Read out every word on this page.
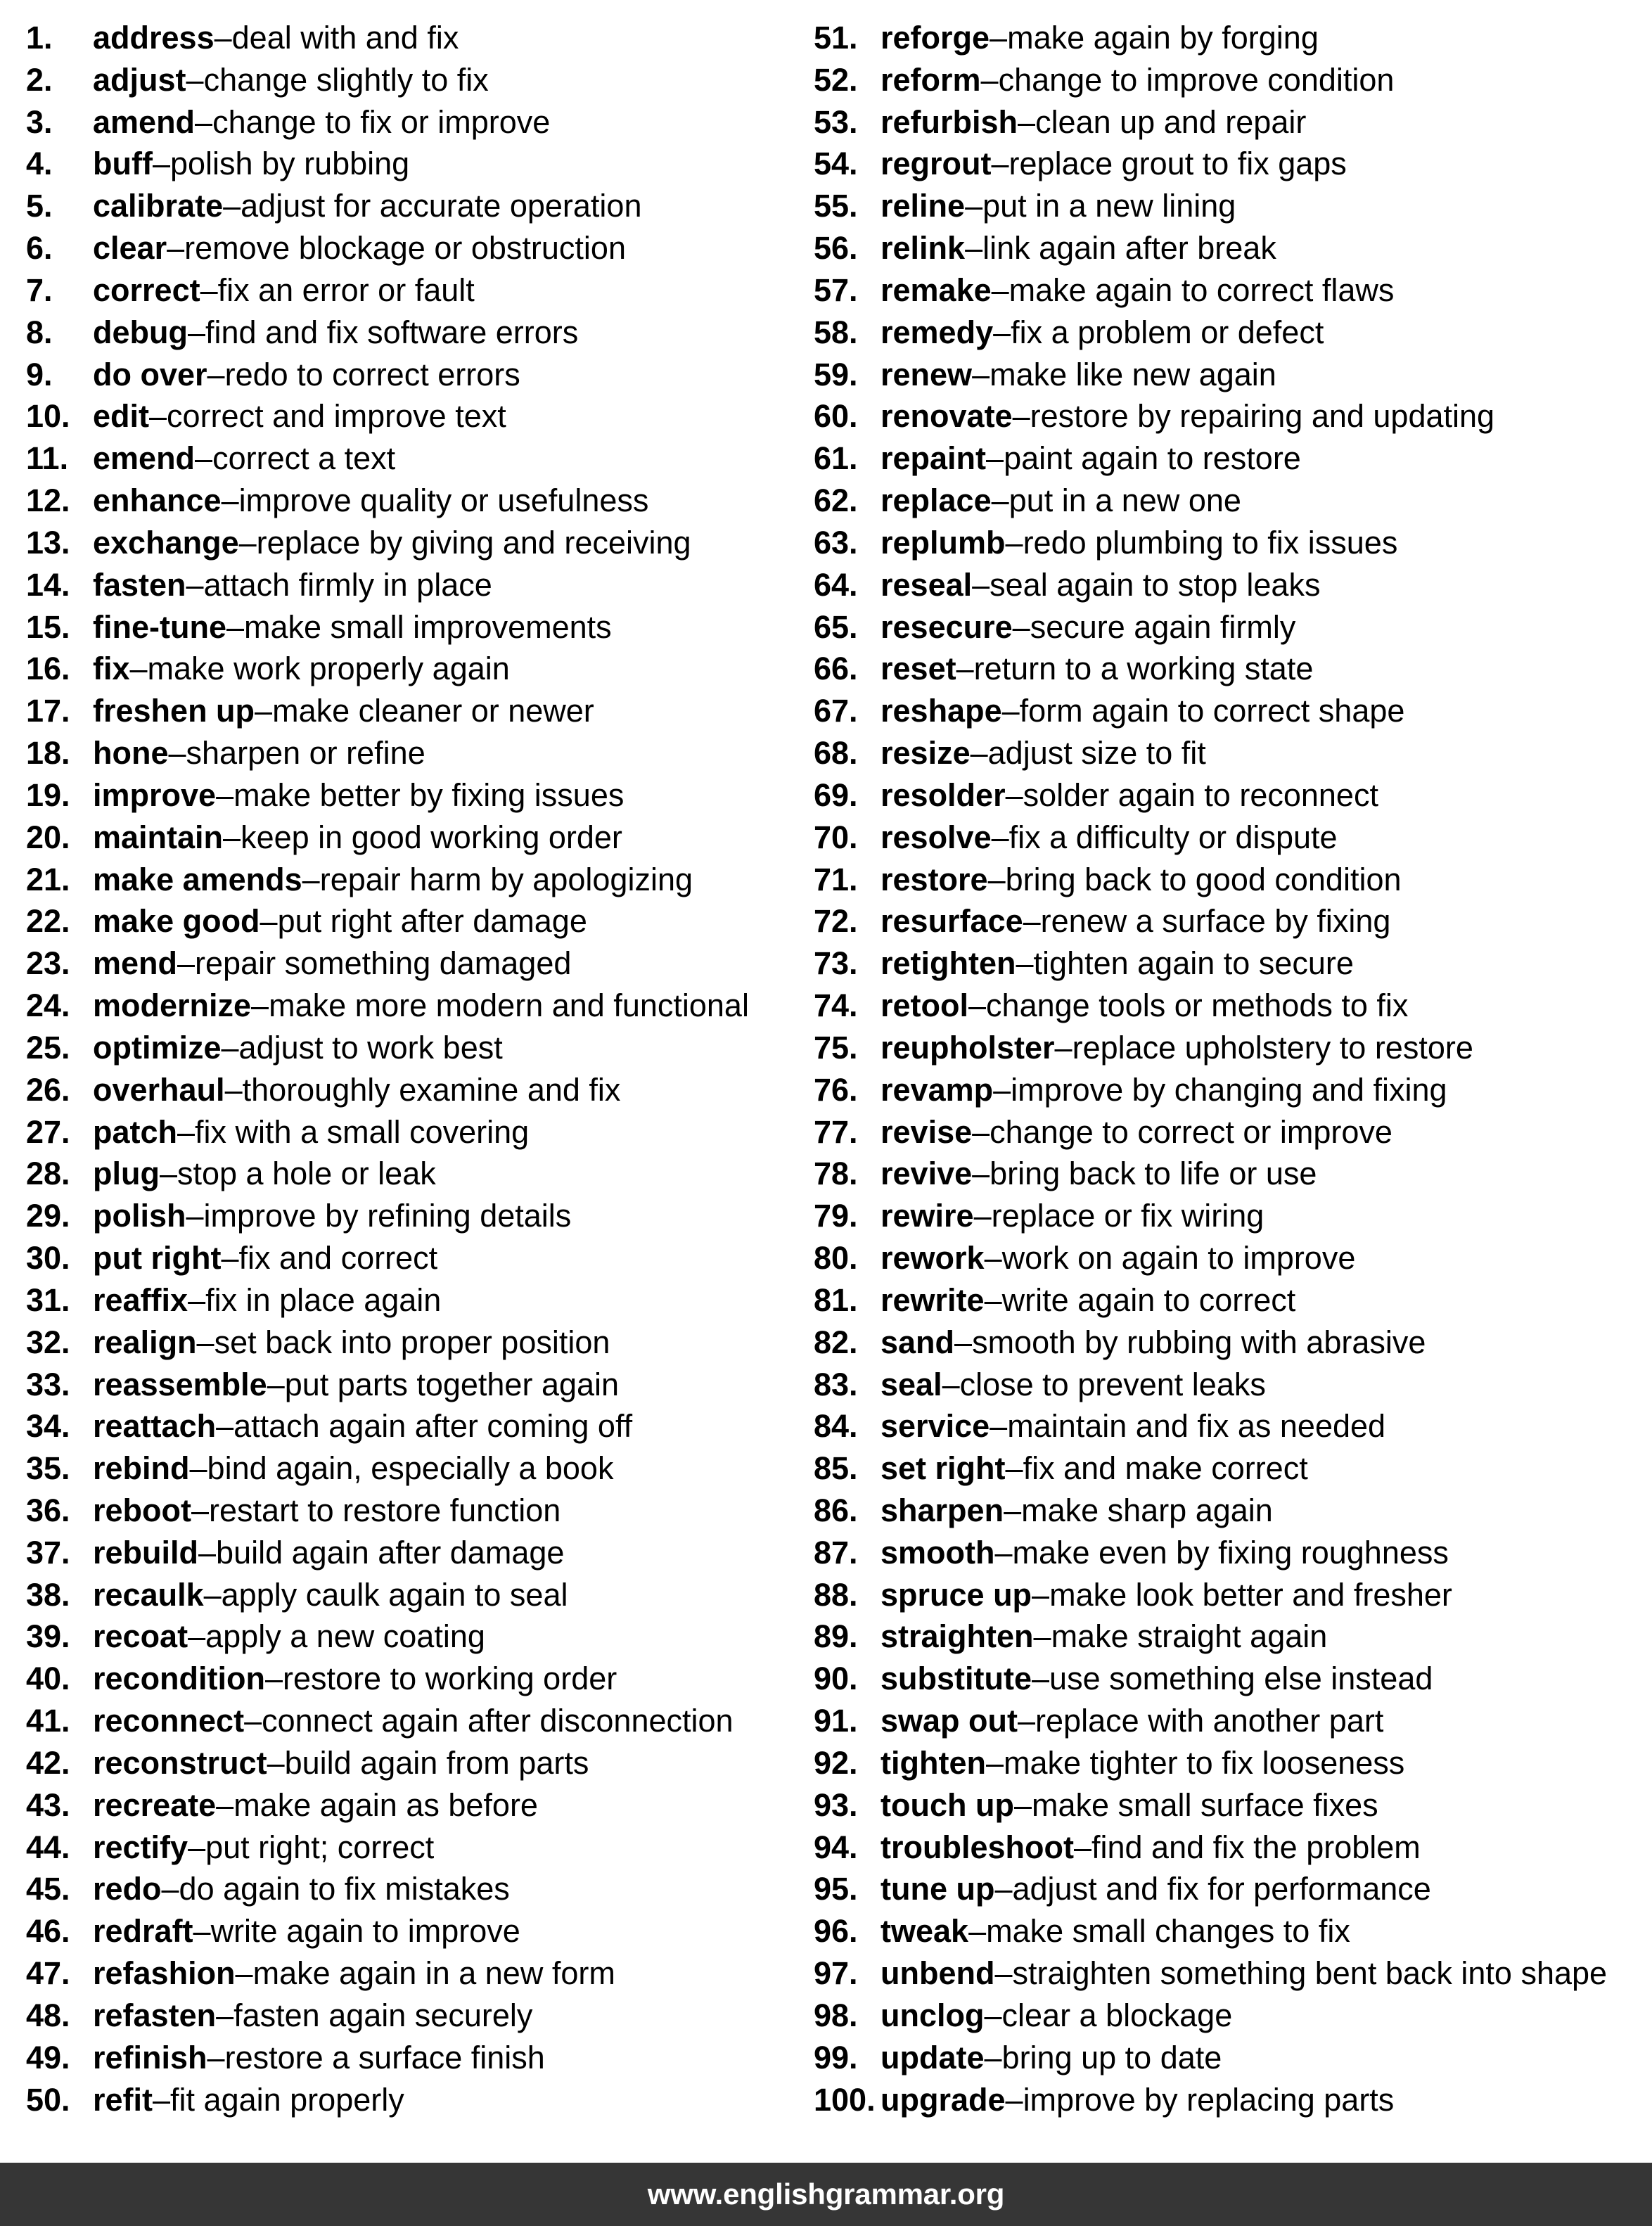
1.	address – deal with and fix
2.	adjust – change slightly to fix
3.	amend – change to fix or improve
4.	buff – polish by rubbing
5.	calibrate – adjust for accurate operation
6.	clear – remove blockage or obstruction
7.	correct – fix an error or fault
8.	debug – find and fix software errors
9.	do over – redo to correct errors
10. edit – correct and improve text
11. emend – correct a text
12. enhance – improve quality or usefulness
13. exchange – replace by giving and receiving
14. fasten – attach firmly in place
15. fine-tune – make small improvements
16. fix – make work properly again
17. freshen up – make cleaner or newer
18. hone – sharpen or refine
19. improve – make better by fixing issues
20. maintain – keep in good working order
21. make amends – repair harm by apologizing
22. make good – put right after damage
23. mend – repair something damaged
24. modernize – make more modern and functional
25. optimize – adjust to work best
26. overhaul – thoroughly examine and fix
27. patch – fix with a small covering
28. plug – stop a hole or leak
29. polish – improve by refining details
30. put right – fix and correct
31. reaffix – fix in place again
32. realign – set back into proper position
33. reassemble – put parts together again
34. reattach – attach again after coming off
35. rebind – bind again, especially a book
36. reboot – restart to restore function
37. rebuild – build again after damage
38. recaulk – apply caulk again to seal
39. recoat – apply a new coating
40. recondition – restore to working order
41. reconnect – connect again after disconnection
42. reconstruct – build again from parts
43. recreate – make again as before
44. rectify – put right; correct
45. redo – do again to fix mistakes
46. redraft – write again to improve
47. refashion – make again in a new form
48. refasten – fasten again securely
49. refinish – restore a surface finish
50. refit – fit again properly
51. reforge – make again by forging
52. reform – change to improve condition
53. refurbish – clean up and repair
54. regrout – replace grout to fix gaps
55. reline – put in a new lining
56. relink – link again after break
57. remake – make again to correct flaws
58. remedy – fix a problem or defect
59. renew – make like new again
60. renovate – restore by repairing and updating
61. repaint – paint again to restore
62. replace – put in a new one
63. replumb – redo plumbing to fix issues
64. reseal – seal again to stop leaks
65. resecure – secure again firmly
66. reset – return to a working state
67. reshape – form again to correct shape
68. resize – adjust size to fit
69. resolder – solder again to reconnect
70. resolve – fix a difficulty or dispute
71. restore – bring back to good condition
72. resurface – renew a surface by fixing
73. retighten – tighten again to secure
74. retool – change tools or methods to fix
75. reupholster – replace upholstery to restore
76. revamp – improve by changing and fixing
77. revise – change to correct or improve
78. revive – bring back to life or use
79. rewire – replace or fix wiring
80. rework – work on again to improve
81. rewrite – write again to correct
82. sand – smooth by rubbing with abrasive
83. seal – close to prevent leaks
84. service – maintain and fix as needed
85. set right – fix and make correct
86. sharpen – make sharp again
87. smooth – make even by fixing roughness
88. spruce up – make look better and fresher
89. straighten – make straight again
90. substitute – use something else instead
91. swap out – replace with another part
92. tighten – make tighter to fix looseness
93. touch up – make small surface fixes
94. troubleshoot – find and fix the problem
95. tune up – adjust and fix for performance
96. tweak – make small changes to fix
97. unbend – straighten something bent back into shape
98. unclog – clear a blockage
99. update – bring up to date
100. upgrade – improve by replacing parts
www.englishgrammar.org
